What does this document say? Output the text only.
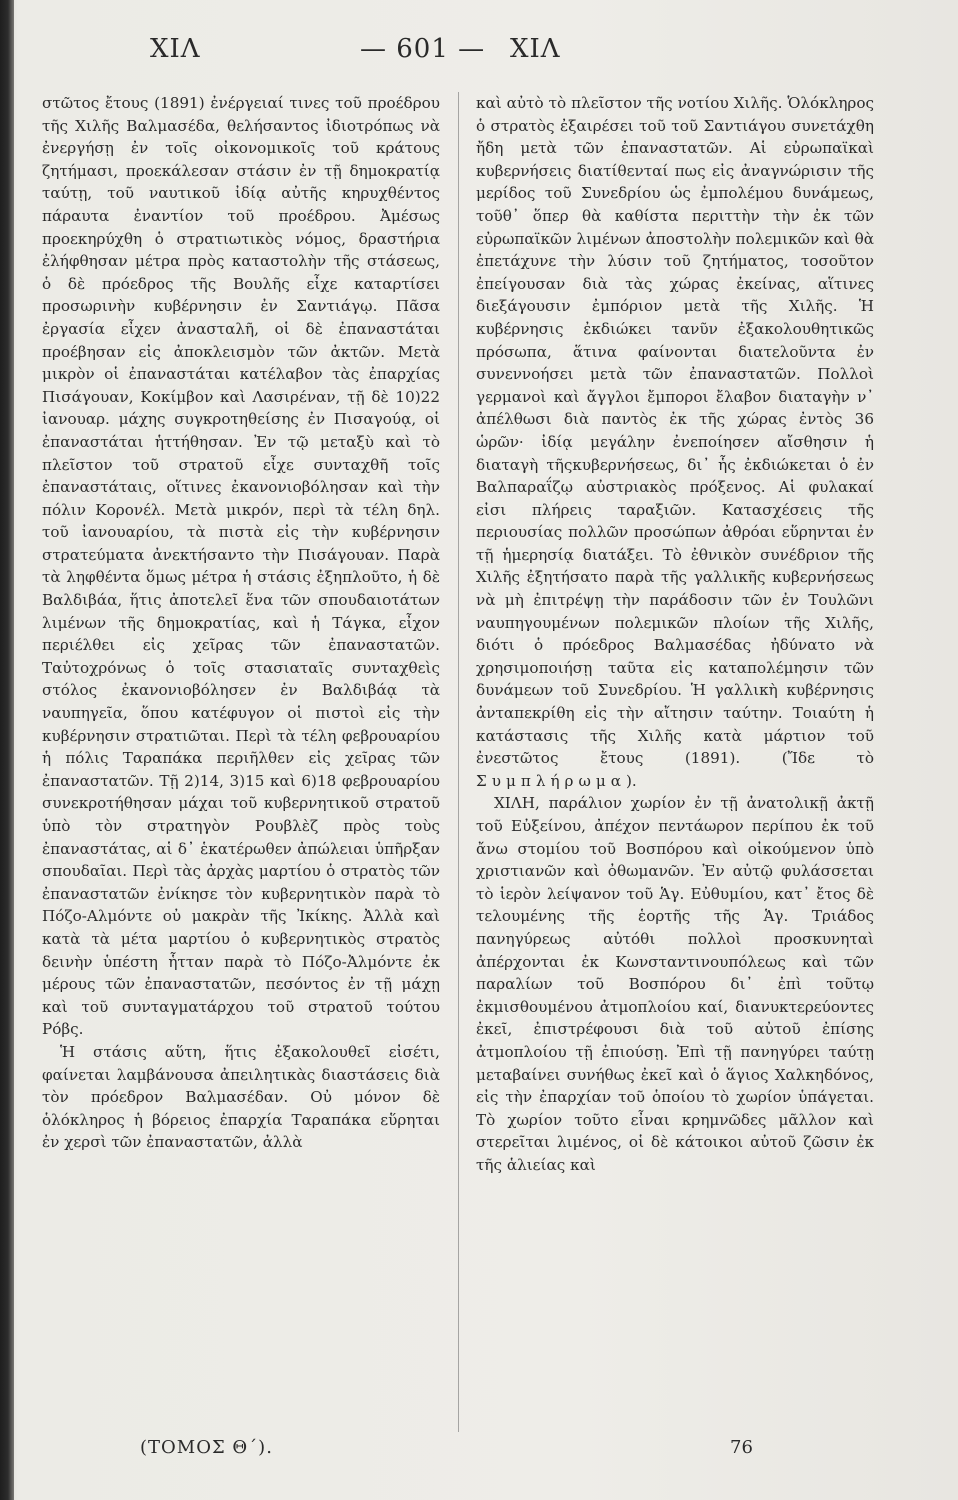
ΧΙΛ	— 601 — ΧΙΛ

στῶτος ἔτους (1891) ἐνέργειαί τινες τοῦ προέδρου τῆς Χιλῆς Βαλμασέδα, θελήσαντος ἰδιοτρόπως νὰ ἐνεργήσῃ ἐν τοῖς οἰκονομικοῖς τοῦ κράτους ζητήμασι, προεκάλεσαν στάσιν ἐν τῇ δημοκρατίᾳ ταύτῃ, τοῦ ναυτικοῦ ἰδίᾳ αὐτῆς κηρυχθέντος πάραυτα ἐναντίον τοῦ προέδρου. Ἀμέσως προεκηρύχθη ὁ στρατιωτικὸς νόμος, δραστήρια ἐλήφθησαν μέτρα πρὸς καταστολὴν τῆς στάσεως, ὁ δὲ πρόεδρος τῆς Βουλῆς εἶχε καταρτίσει προσωρινὴν κυβέρνησιν ἐν Σαντιάγῳ. Πᾶσα ἐργασία εἶχεν ἀνασταλῆ, οἱ δὲ ἐπαναστάται προέβησαν εἰς ἀποκλεισμὸν τῶν ἀκτῶν. Μετὰ μικρὸν οἱ ἐπαναστάται κατέλαβον τὰς ἐπαρχίας Πισάγουαν, Κοκίμβον καὶ Λασιρέναν, τῇ δὲ 10)22 ἰανουαρ. μάχης συγκροτηθείσης ἐν Πισαγούᾳ, οἱ ἐπαναστάται ἡττήθησαν. Ἐν τῷ μεταξὺ καὶ τὸ πλεῖστον τοῦ στρατοῦ εἶχε συνταχθῆ τοῖς ἐπαναστάταις, οἵτινες ἐκανονιοβόλησαν καὶ τὴν πόλιν Κορονέλ. Μετὰ μικρόν, περὶ τὰ τέλη δηλ. τοῦ ἰανουαρίου, τὰ πιστὰ εἰς τὴν κυβέρνησιν στρατεύματα ἀνεκτήσαντο τὴν Πισάγουαν. Παρὰ τὰ ληφθέντα ὅμως μέτρα ἡ στάσις ἐξηπλοῦτο, ἡ δὲ Βαλδιβάα, ἥτις ἀποτελεῖ ἕνα τῶν σπουδαιοτάτων λιμένων τῆς δημοκρατίας, καὶ ἡ Τάγκα, εἶχον περιέλθει εἰς χεῖρας τῶν ἐπαναστατῶν. Ταὐτοχρόνως ὁ τοῖς στασιαταῖς συνταχθεὶς στόλος ἐκανονιοβόλησεν ἐν Βαλδιβάᾳ τὰ ναυπηγεῖα, ὅπου κατέφυγον οἱ πιστοὶ εἰς τὴν κυβέρνησιν στρατιῶται. Περὶ τὰ τέλη φεβρουαρίου ἡ πόλις Ταραπάκα περιῆλθεν εἰς χεῖρας τῶν ἐπαναστατῶν. Τῇ 2)14, 3)15 καὶ 6)18 φεβρουαρίου συνεκροτήθησαν μάχαι τοῦ κυβερνητικοῦ στρατοῦ ὑπὸ τὸν στρατηγὸν Ρουβλὲζ πρὸς τοὺς ἐπαναστάτας, αἱ δ᾽ ἑκατέρωθεν ἀπώλειαι ὑπῆρξαν σπουδαῖαι. Περὶ τὰς ἀρχὰς μαρτίου ὁ στρατὸς τῶν ἐπαναστατῶν ἐνίκησε τὸν κυβερνητικὸν παρὰ τὸ Πόζο-Αλμόντε οὐ μακρὰν τῆς Ἰκίκης. Ἀλλὰ καὶ κατὰ τὰ μέτα μαρτίου ὁ κυβερνητικὸς στρατὸς δεινὴν ὑπέστη ἧτταν παρὰ τὸ Πόζο-Ἀλμόντε ἐκ μέρους τῶν ἐπαναστατῶν, πεσόντος ἐν τῇ μάχῃ καὶ τοῦ συνταγματάρχου τοῦ στρατοῦ τούτου Ρόβς.

Ἡ στάσις αὕτη, ἥτις ἐξακολουθεῖ εἰσέτι, φαίνεται λαμβάνουσα ἀπειλητικὰς διαστάσεις διὰ τὸν πρόεδρον Βαλμασέδαν. Οὐ μόνον δὲ ὁλόκληρος ἡ βόρειος ἐπαρχία Ταραπάκα εὕρηται ἐν χερσὶ τῶν ἐπαναστατῶν, ἀλλὰ

καὶ αὐτὸ τὸ πλεῖστον τῆς νοτίου Χιλῆς. Ὁλόκληρος ὁ στρατὸς ἐξαιρέσει τοῦ τοῦ Σαντιάγου συνετάχθη ἤδη μετὰ τῶν ἐπαναστατῶν. Αἱ εὐρωπαϊκαὶ κυβερνήσεις διατίθενταί πως εἰς ἀναγνώρισιν τῆς μερίδος τοῦ Συνεδρίου ὡς ἐμπολέμου δυνάμεως, τοῦθ᾽ ὅπερ θὰ καθίστα περιττὴν τὴν ἐκ τῶν εὐρωπαϊκῶν λιμένων ἀποστολὴν πολεμικῶν καὶ θὰ ἐπετάχυνε τὴν λύσιν τοῦ ζητήματος, τοσοῦτον ἐπείγουσαν διὰ τὰς χώρας ἐκείνας, αἵτινες διεξάγουσιν ἐμπόριον μετὰ τῆς Χιλῆς. Ἡ κυβέρνησις ἐκδιώκει τανῦν ἐξακολουθητικῶς πρόσωπα, ἅτινα φαίνονται διατελοῦντα ἐν συνεννοήσει μετὰ τῶν ἐπαναστατῶν. Πολλοὶ γερμανοὶ καὶ ἄγγλοι ἔμποροι ἔλαβον διαταγὴν ν᾽ ἀπέλθωσι διὰ παντὸς ἐκ τῆς χώρας ἐντὸς 36 ὡρῶν· ἰδίᾳ μεγάλην ἐνεποίησεν αἴσθησιν ἡ διαταγὴ τῆςκυβερνήσεως, δι᾽ ἧς ἐκδιώκεται ὁ ἐν Βαλπαραΐζῳ αὐστριακὸς πρόξενος. Αἱ φυλακαί εἰσι πλήρεις ταραξιῶν. Κατασχέσεις τῆς περιουσίας πολλῶν προσώπων ἀθρόαι εὕρηνται ἐν τῇ ἡμερησίᾳ διατάξει. Τὸ ἐθνικὸν συνέδριον τῆς Χιλῆς ἐξητήσατο παρὰ τῆς γαλλικῆς κυβερνήσεως νὰ μὴ ἐπιτρέψῃ τὴν παράδοσιν τῶν ἐν Τουλῶνι ναυπηγουμένων πολεμικῶν πλοίων τῆς Χιλῆς, διότι ὁ πρόεδρος Βαλμασέδας ἠδύνατο νὰ χρησιμοποιήσῃ ταῦτα εἰς καταπολέμησιν τῶν δυνάμεων τοῦ Συνεδρίου. Ἡ γαλλικὴ κυβέρνησις ἀνταπεκρίθη εἰς τὴν αἴτησιν ταύτην. Τοιαύτη ἡ κατάστασις τῆς Χιλῆς κατὰ μάρτιον τοῦ ἐνεστῶτος ἔτους (1891).	(Ἴδε τὸ Συμπλήρωμα).

ΧΙΛΗ, παράλιον χωρίον ἐν τῇ ἀνατολικῇ ἀκτῇ τοῦ Εὐξείνου, ἀπέχον πεντάωρον περίπου ἐκ τοῦ ἄνω στομίου τοῦ Βοσπόρου καὶ οἰκούμενον ὑπὸ χριστιανῶν καὶ ὀθωμανῶν. Ἐν αὐτῷ φυλάσσεται τὸ ἱερὸν λείψανον τοῦ Ἁγ. Εὐθυμίου, κατ᾽ ἔτος δὲ τελουμένης τῆς ἑορτῆς τῆς Ἁγ. Τριάδος πανηγύρεως αὐτόθι πολλοὶ προσκυνηταὶ ἀπέρχονται ἐκ Κωνσταντινουπόλεως καὶ τῶν παραλίων τοῦ Βοσπόρου δι᾽ ἐπὶ τοῦτῳ ἐκμισθουμένου ἀτμοπλοίου καί, διανυκτερεύοντες ἐκεῖ, ἐπιστρέφουσι διὰ τοῦ αὐτοῦ ἐπίσης ἀτμοπλοίου τῇ ἐπιούσῃ. Ἐπὶ τῇ πανηγύρει ταύτῃ μεταβαίνει συνήθως ἐκεῖ καὶ ὁ ἅγιος Χαλκηδόνος, εἰς τὴν ἐπαρχίαν τοῦ ὁποίου τὸ χωρίον ὑπάγεται. Τὸ χωρίον τοῦτο εἶναι κρημνῶδες μᾶλλον καὶ στερεῖται λιμένος, οἱ δὲ κάτοικοι αὐτοῦ ζῶσιν ἐκ τῆς ἁλιείας καὶ

(ΤΟΜΟΣ Θ΄).	76
